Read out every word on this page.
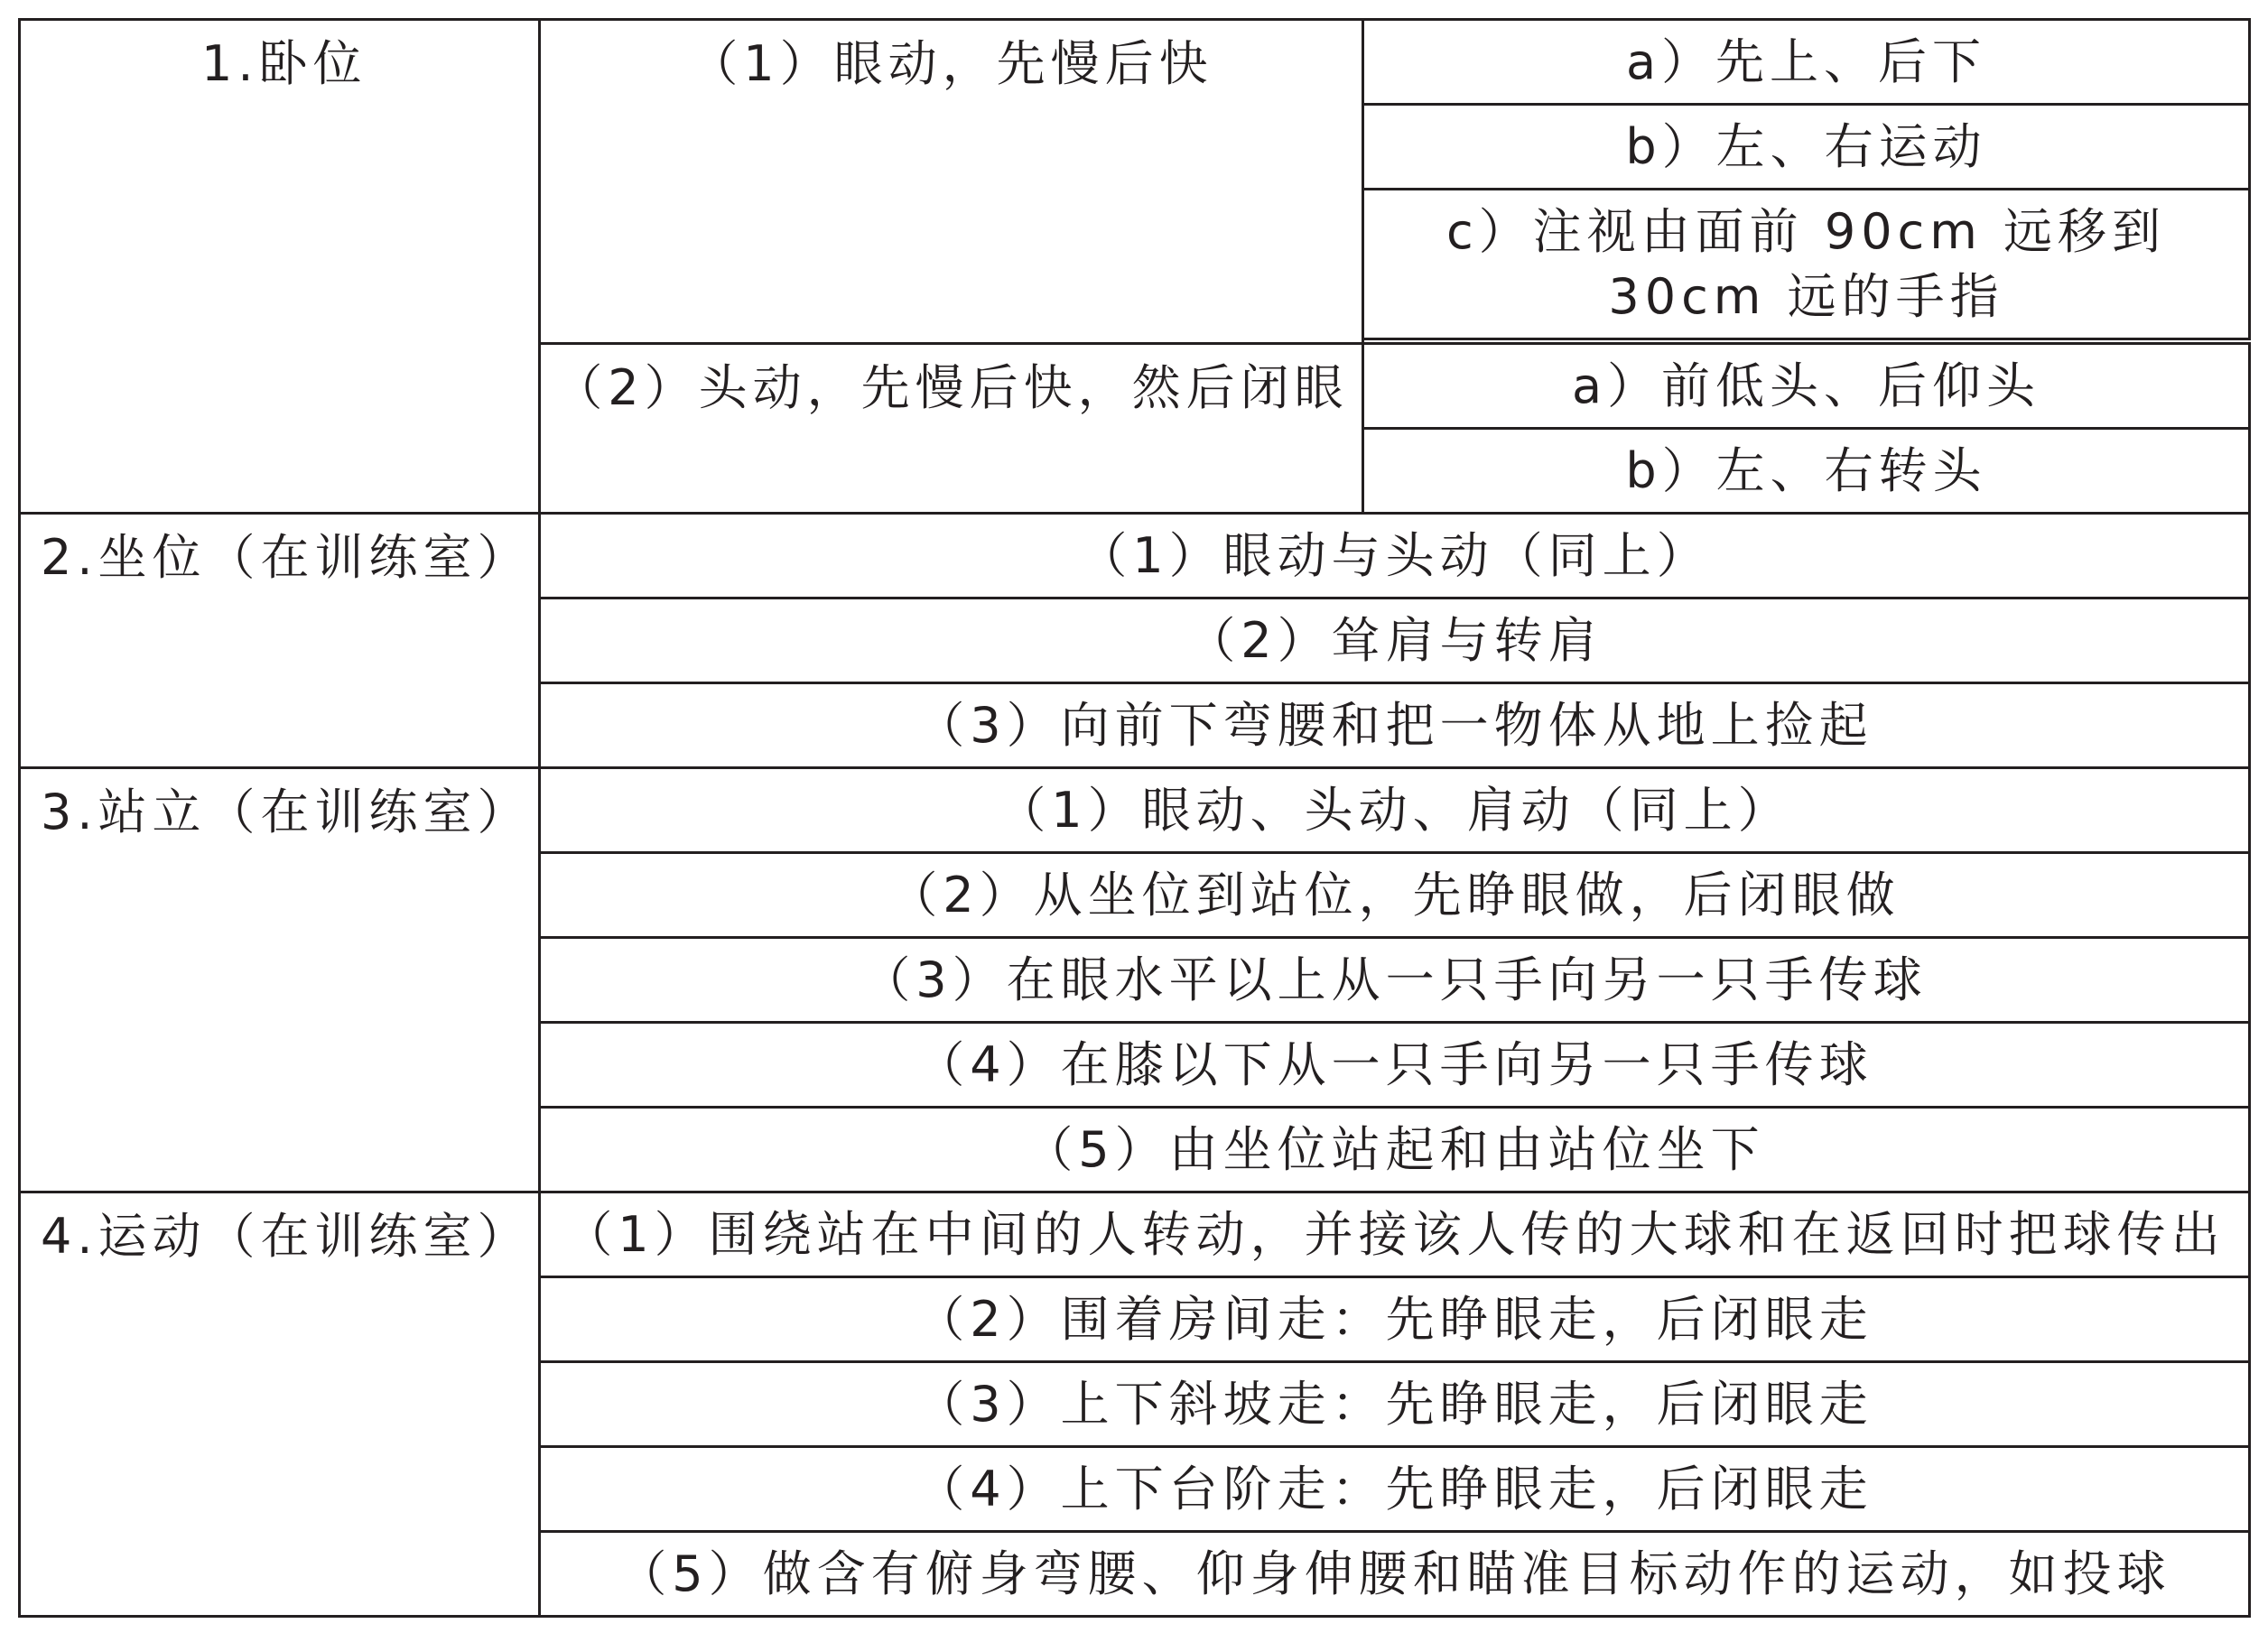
1.卧位	（1）眼动，先慢后快	a）先上、后下
		b）左、右运动
		c）注视由面前 90cm 远移到 30cm 远的手指

	（2）头动，先慢后快，然后闭眼	a）前低头、后仰头
		b）左、右转头
2.坐位（在训练室）	（1）眼动与头动（同上）	
	（2）耸肩与转肩	
	（3）向前下弯腰和把一物体从地上捡起	
3.站立（在训练室）	（1）眼动、头动、肩动（同上）	
	（2）从坐位到站位，先睁眼做，后闭眼做	
	（3）在眼水平以上从一只手向另一只手传球	
	（4）在膝以下从一只手向另一只手传球	
	（5）由坐位站起和由站位坐下	
4.运动（在训练室）	（1）围绕站在中间的人转动，并接该人传的大球和在返回时把球传出	
	（2）围着房间走：先睁眼走，后闭眼走	
	（3）上下斜坡走：先睁眼走，后闭眼走	
	（4）上下台阶走：先睁眼走，后闭眼走	
	（5）做含有俯身弯腰、仰身伸腰和瞄准目标动作的运动，如投球	
